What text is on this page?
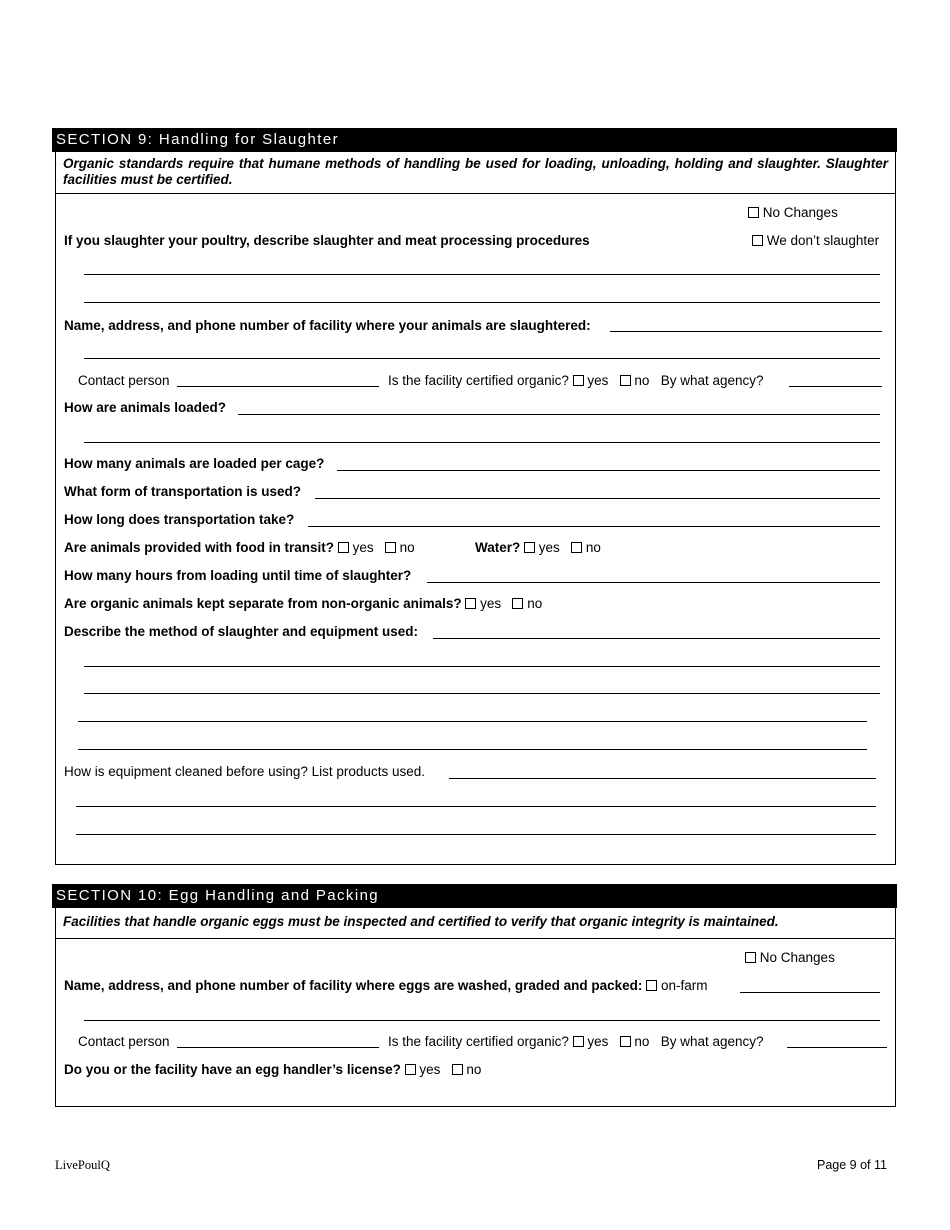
SECTION 9: Handling for Slaughter
Organic standards require that humane methods of handling be used for loading, unloading, holding and slaughter. Slaughter facilities must be certified.
No Changes
If you slaughter your poultry, describe slaughter and meat processing procedures	We don’t slaughter
Name, address, and phone number of facility where your animals are slaughtered:
Contact person	Is the facility certified organic? yes no By what agency?
How are animals loaded?
How many animals are loaded per cage?
What form of transportation is used?
How long does transportation take?
Are animals provided with food in transit? yes no	Water? yes no
How many hours from loading until time of slaughter?
Are organic animals kept separate from non-organic animals? yes no
Describe the method of slaughter and equipment used:
How is equipment cleaned before using? List products used.
SECTION 10: Egg Handling and Packing
Facilities that handle organic eggs must be inspected and certified to verify that organic integrity is maintained.
No Changes
Name, address, and phone number of facility where eggs are washed, graded and packed: on-farm
Contact person	Is the facility certified organic? yes no By what agency?
Do you or the facility have an egg handler’s license? yes no
LivePoulQ	Page 9 of 11
